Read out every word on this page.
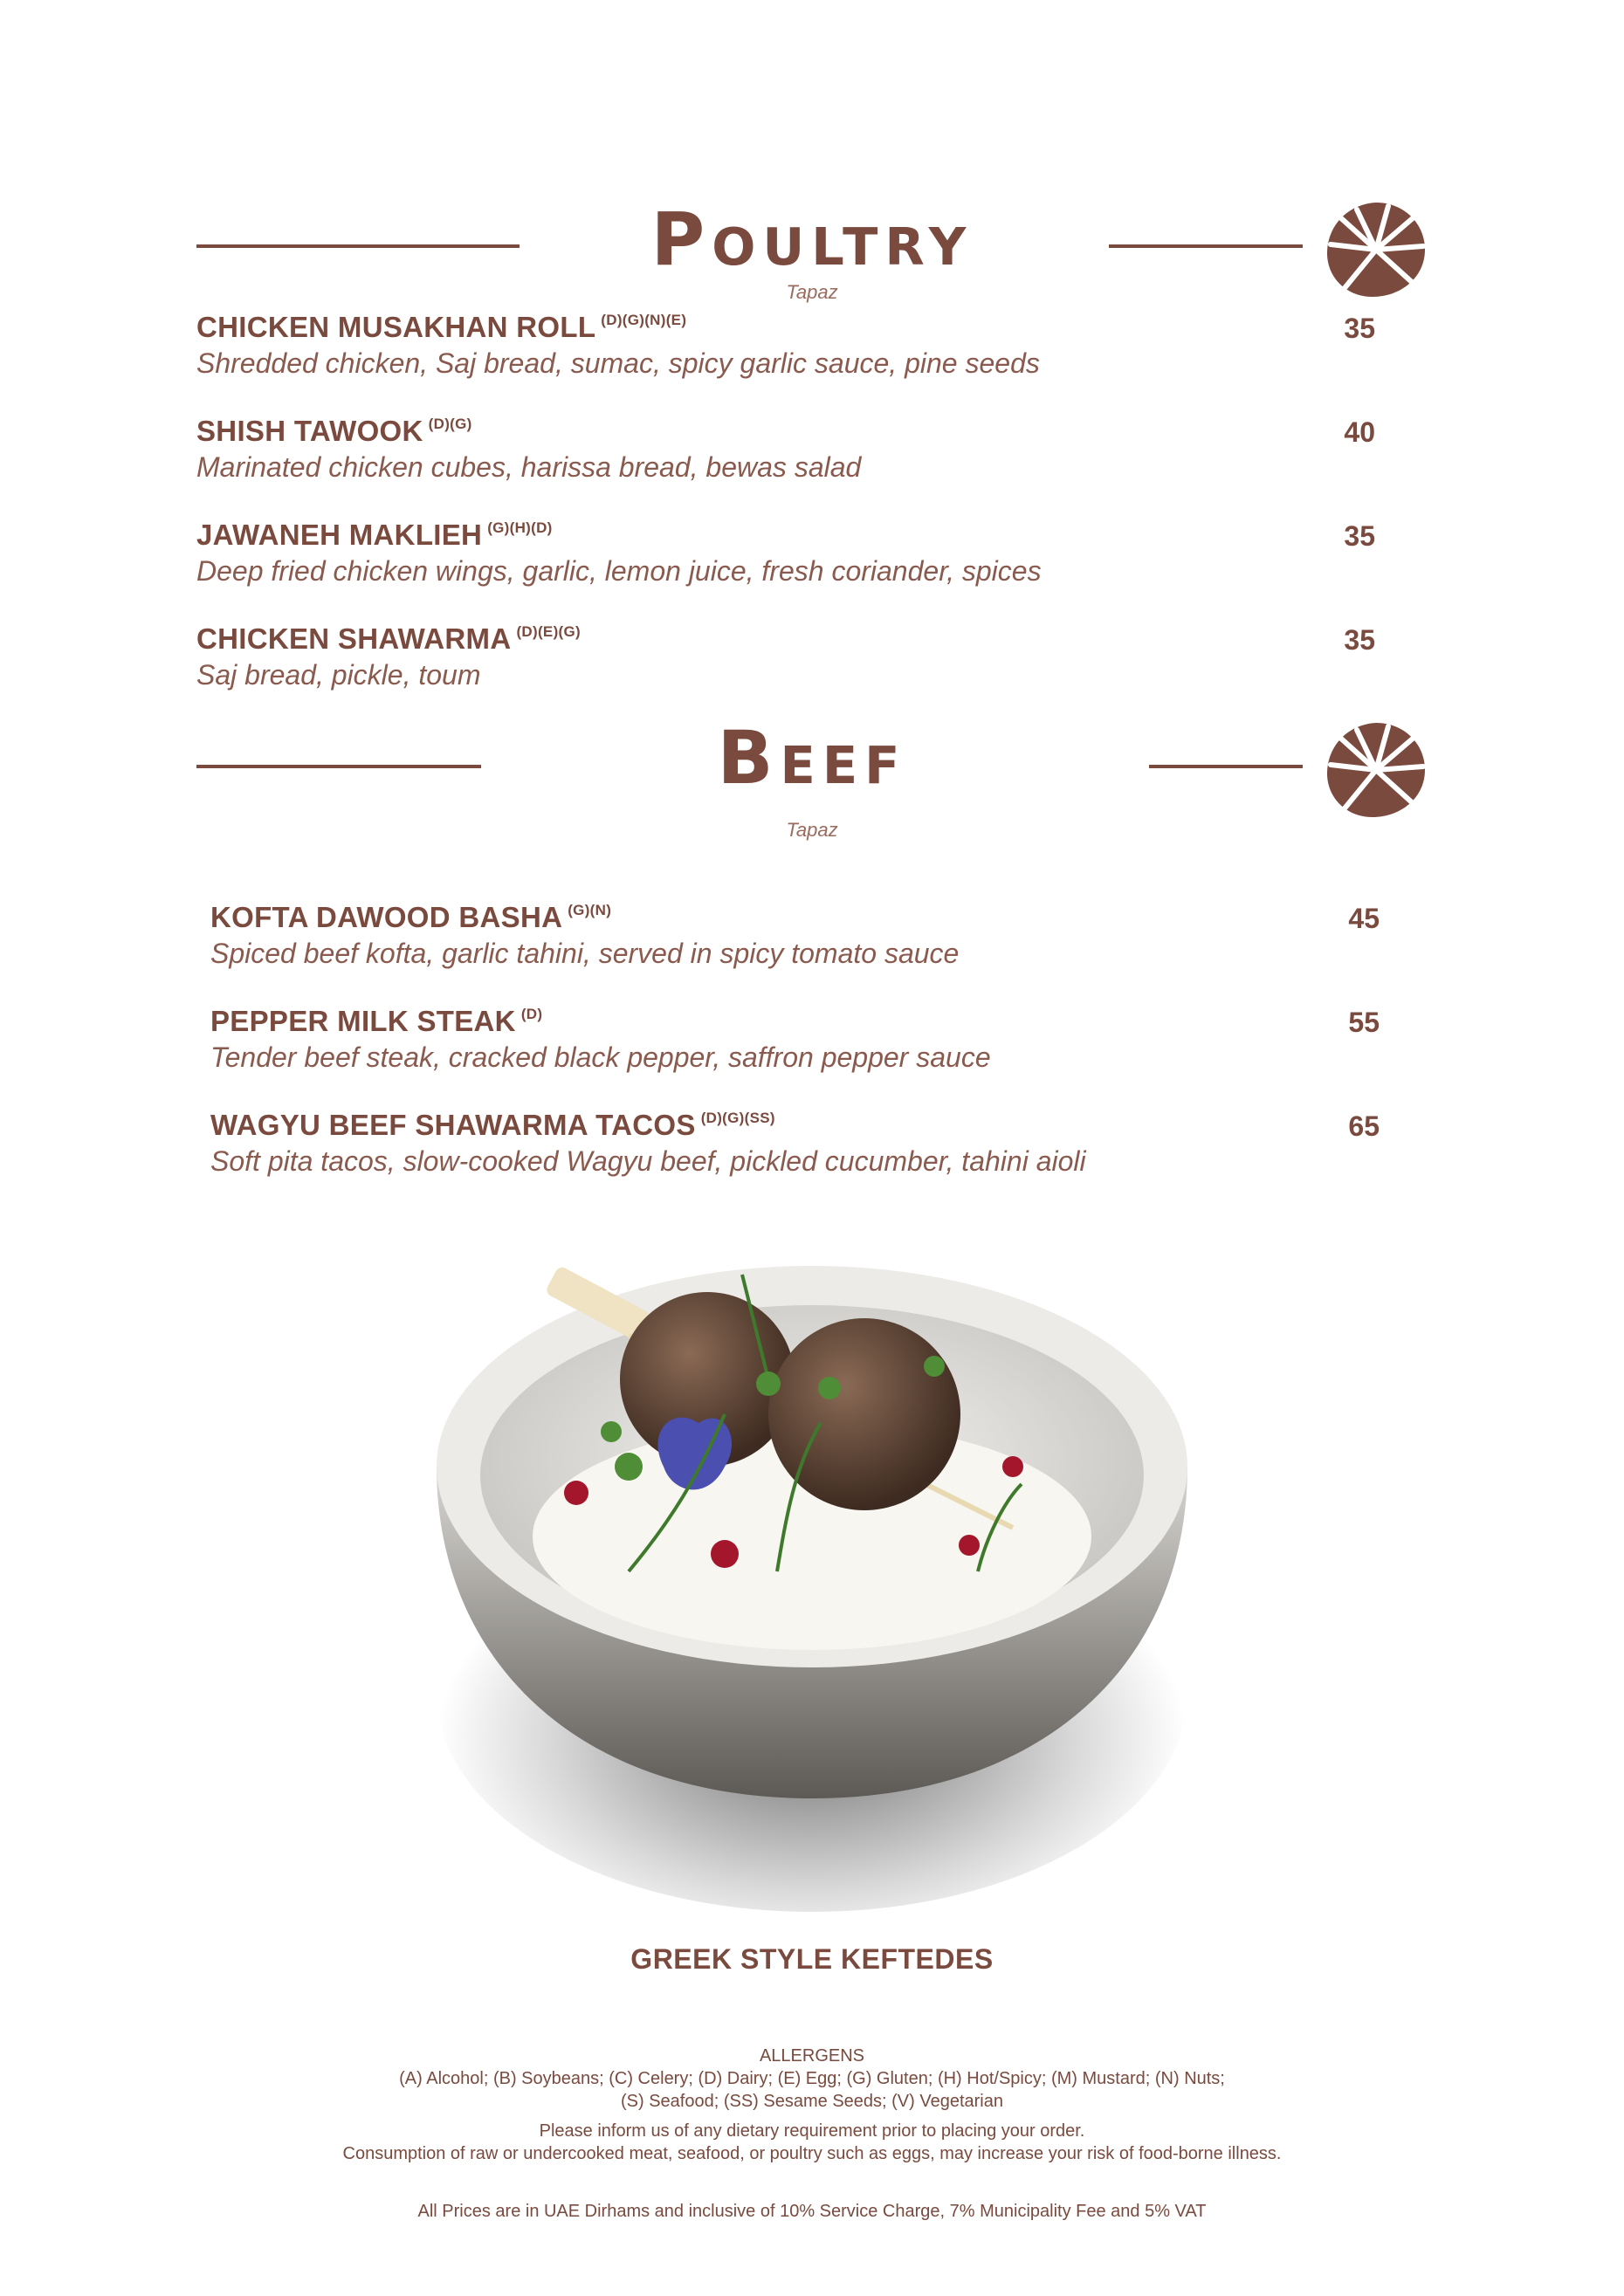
Poultry
Tapaz
CHICKEN MUSAKHAN ROLL $^{(D)(G)(N)(E)}$
Shredded chicken, Saj bread, sumac, spicy garlic sauce, pine seeds
35
SHISH TAWOOK $^{(D)(G)}$
Marinated chicken cubes, harissa bread, bewas salad
40
JAWANEH MAKLIEH $^{(G)(H)(D)}$
Deep fried chicken wings, garlic, lemon juice, fresh coriander, spices
35
CHICKEN SHAWARMA $^{(D)(E)(G)}$
Saj bread, pickle, toum
35
Beef
Tapaz
KOFTA DAWOOD BASHA $^{(G)(N)}$
Spiced beef kofta, garlic tahini, served in spicy tomato sauce
45
PEPPER MILK STEAK $^{(D)}$
Tender beef steak, cracked black pepper, saffron pepper sauce
55
WAGYU BEEF SHAWARMA TACOS $^{(D)(G)(SS)}$
Soft pita tacos, slow-cooked Wagyu beef, pickled cucumber, tahini aioli
65
GREEK STYLE KEFTEDES
ALLERGENS
(A) Alcohol; (B) Soybeans; (C) Celery; (D) Dairy; (E) Egg; (G) Gluten; (H) Hot/Spicy; (M) Mustard; (N) Nuts;
(S) Seafood; (SS) Sesame Seeds; (V) Vegetarian
Please inform us of any dietary requirement prior to placing your order.
Consumption of raw or undercooked meat, seafood, or poultry such as eggs, may increase your risk of food-borne illness.
All Prices are in UAE Dirhams and inclusive of 10% Service Charge, 7% Municipality Fee and 5% VAT
